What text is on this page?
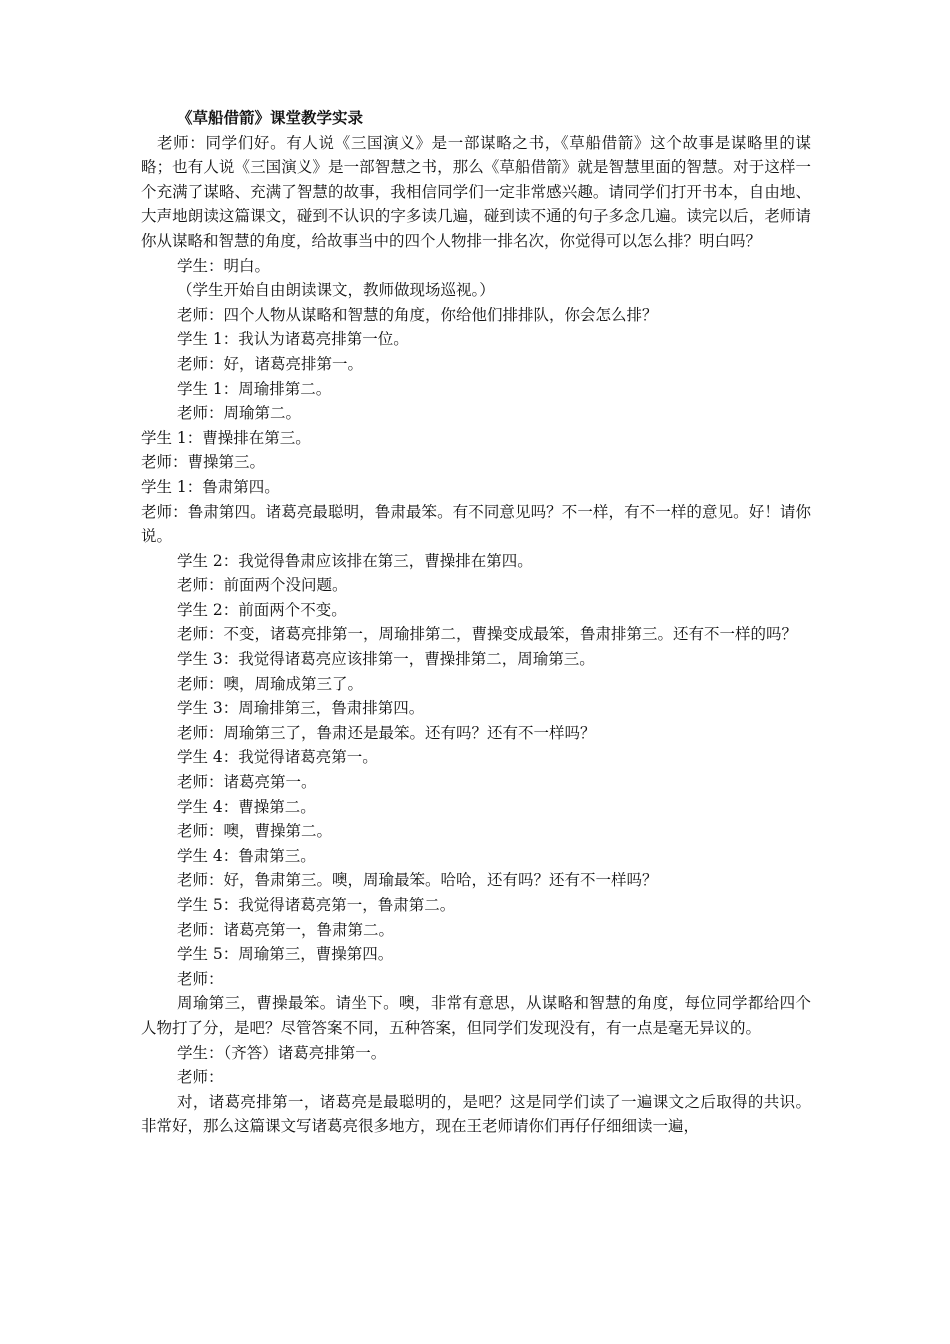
《草船借箭》课堂教学实录

老师：同学们好。有人说《三国演义》是一部谋略之书，《草船借箭》这个故事是谋略里的谋略；也有人说《三国演义》是一部智慧之书，那么《草船借箭》就是智慧里面的智慧。对于这样一个充满了谋略、充满了智慧的故事，我相信同学们一定非常感兴趣。请同学们打开书本，自由地、大声地朗读这篇课文，碰到不认识的字多读几遍，碰到读不通的句子多念几遍。读完以后，老师请你从谋略和智慧的角度，给故事当中的四个人物排一排名次，你觉得可以怎么排？明白吗？

学生：明白。

（学生开始自由朗读课文，教师做现场巡视。）

老师：四个人物从谋略和智慧的角度，你给他们排排队，你会怎么排？

学生 1：我认为诸葛亮排第一位。

老师：好，诸葛亮排第一。

学生 1：周瑜排第二。

老师：周瑜第二。

学生 1：曹操排在第三。

老师：曹操第三。

学生 1：鲁肃第四。

老师：鲁肃第四。诸葛亮最聪明，鲁肃最笨。有不同意见吗？不一样，有不一样的意见。好！请你说。

学生 2：我觉得鲁肃应该排在第三，曹操排在第四。

老师：前面两个没问题。

学生 2：前面两个不变。

老师：不变，诸葛亮排第一，周瑜排第二，曹操变成最笨，鲁肃排第三。还有不一样的吗？

学生 3：我觉得诸葛亮应该排第一，曹操排第二，周瑜第三。

老师：噢，周瑜成第三了。

学生 3：周瑜排第三，鲁肃排第四。

老师：周瑜第三了，鲁肃还是最笨。还有吗？还有不一样吗？

学生 4：我觉得诸葛亮第一。

老师：诸葛亮第一。

学生 4：曹操第二。

老师：噢，曹操第二。

学生 4：鲁肃第三。

老师：好，鲁肃第三。噢，周瑜最笨。哈哈，还有吗？还有不一样吗？

学生 5：我觉得诸葛亮第一，鲁肃第二。

老师：诸葛亮第一，鲁肃第二。

学生 5：周瑜第三，曹操第四。

老师：

周瑜第三，曹操最笨。请坐下。噢，非常有意思，从谋略和智慧的角度，每位同学都给四个人物打了分，是吧？尽管答案不同，五种答案，但同学们发现没有，有一点是毫无异议的。

学生：（齐答）诸葛亮排第一。

老师：

对，诸葛亮排第一，诸葛亮是最聪明的，是吧？这是同学们读了一遍课文之后取得的共识。非常好，那么这篇课文写诸葛亮很多地方，现在王老师请你们再仔仔细细读一遍，
